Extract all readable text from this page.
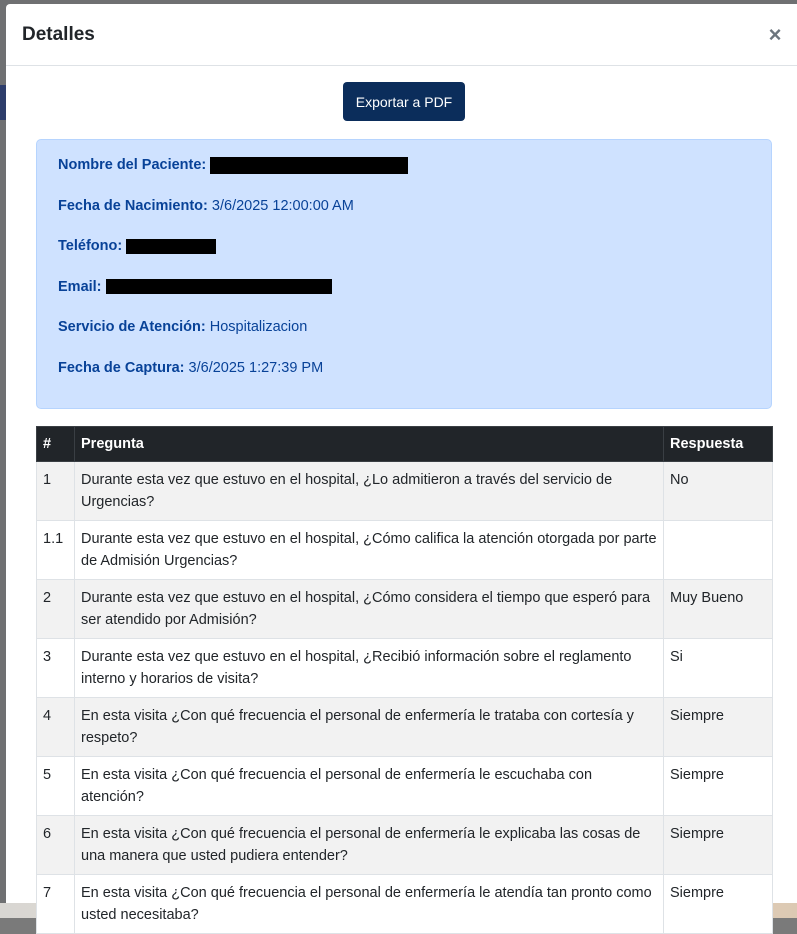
Detalles	×
Exportar a PDF
Nombre del Paciente:
Fecha de Nacimiento: 3/6/2025 12:00:00 AM
Teléfono:
Email:
Servicio de Atención: Hospitalizacion
Fecha de Captura: 3/6/2025 1:27:39 PM
#	Pregunta	Respuesta
1	Durante esta vez que estuvo en el hospital, ¿Lo admitieron a través del servicio de Urgencias?	No
1.1	Durante esta vez que estuvo en el hospital, ¿Cómo califica la atención otorgada por parte de Admisión Urgencias?	
2	Durante esta vez que estuvo en el hospital, ¿Cómo considera el tiempo que esperó para ser atendido por Admisión?	Muy Bueno
3	Durante esta vez que estuvo en el hospital, ¿Recibió información sobre el reglamento interno y horarios de visita?	Si
4	En esta visita ¿Con qué frecuencia el personal de enfermería le trataba con cortesía y respeto?	Siempre
5	En esta visita ¿Con qué frecuencia el personal de enfermería le escuchaba con atención?	Siempre
6	En esta visita ¿Con qué frecuencia el personal de enfermería le explicaba las cosas de una manera que usted pudiera entender?	Siempre
7	En esta visita ¿Con qué frecuencia el personal de enfermería le atendía tan pronto como usted necesitaba?	Siempre
